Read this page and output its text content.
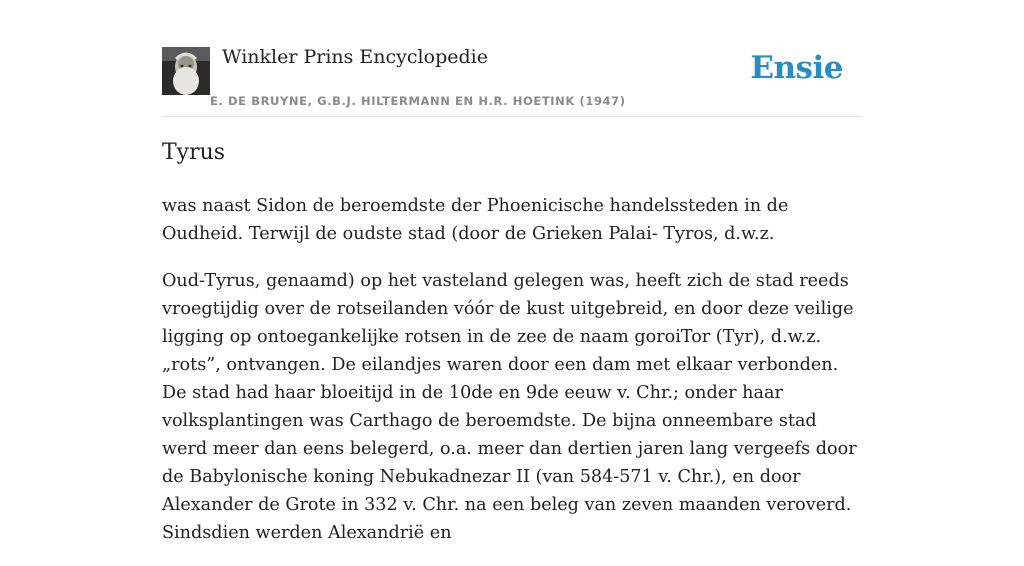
Winkler Prins Encyclopedie
E. DE BRUYNE, G.B.J. HILTERMANN EN H.R. HOETINK (1947)
Ensie
Tyrus

was naast Sidon de beroemdste der Phoenicische handelssteden in de Oudheid. Terwijl de oudste stad (door de Grieken Palai- Tyros, d.w.z.

Oud-Tyrus, genaamd) op het vasteland gelegen was, heeft zich de stad reeds vroegtijdig over de rotseilanden vóór de kust uitgebreid, en door deze veilige ligging op ontoegankelijke rotsen in de zee de naam goroiTor (Tyr), d.w.z. „rots”, ontvangen. De eilandjes waren door een dam met elkaar verbonden. De stad had haar bloeitijd in de 10de en 9de eeuw v. Chr.; onder haar volksplantingen was Carthago de beroemdste. De bijna onneembare stad werd meer dan eens belegerd, o.a. meer dan dertien jaren lang vergeefs door de Babylonische koning Nebukadnezar II (van 584-571 v. Chr.), en door Alexander de Grote in 332 v. Chr. na een beleg van zeven maanden veroverd. Sindsdien werden Alexandrië en
